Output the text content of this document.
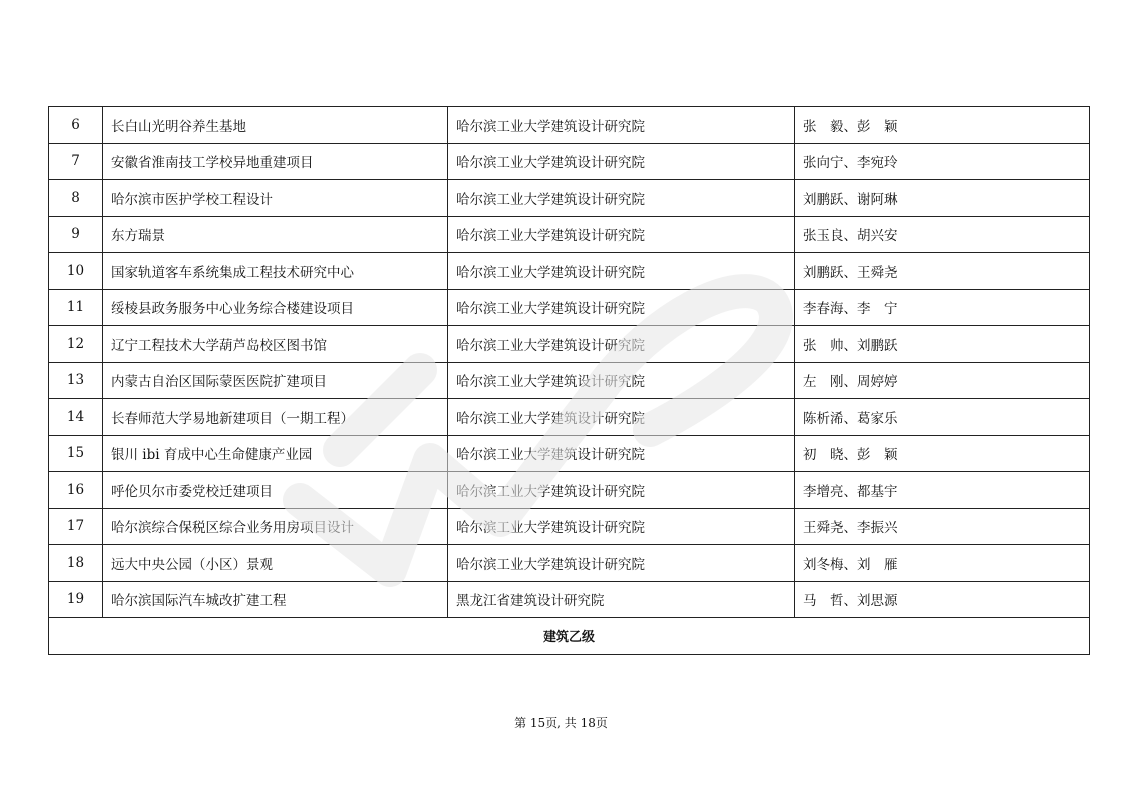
6	长白山光明谷养生基地	哈尔滨工业大学建筑设计研究院	张　毅、彭　颖
7	安徽省淮南技工学校异地重建项目	哈尔滨工业大学建筑设计研究院	张向宁、李宛玲
8	哈尔滨市医护学校工程设计	哈尔滨工业大学建筑设计研究院	刘鹏跃、谢阿琳
9	东方瑞景	哈尔滨工业大学建筑设计研究院	张玉良、胡兴安
10	国家轨道客车系统集成工程技术研究中心	哈尔滨工业大学建筑设计研究院	刘鹏跃、王舜尧
11	绥棱县政务服务中心业务综合楼建设项目	哈尔滨工业大学建筑设计研究院	李春海、李　宁
12	辽宁工程技术大学葫芦岛校区图书馆	哈尔滨工业大学建筑设计研究院	张　帅、刘鹏跃
13	内蒙古自治区国际蒙医医院扩建项目	哈尔滨工业大学建筑设计研究院	左　刚、周婷婷
14	长春师范大学易地新建项目（一期工程）	哈尔滨工业大学建筑设计研究院	陈析浠、葛家乐
15	银川 ibi 育成中心生命健康产业园	哈尔滨工业大学建筑设计研究院	初　晓、彭　颖
16	呼伦贝尔市委党校迁建项目	哈尔滨工业大学建筑设计研究院	李增亮、都基宇
17	哈尔滨综合保税区综合业务用房项目设计	哈尔滨工业大学建筑设计研究院	王舜尧、李振兴
18	远大中央公园（小区）景观	哈尔滨工业大学建筑设计研究院	刘冬梅、刘　雁
19	哈尔滨国际汽车城改扩建工程	黑龙江省建筑设计研究院	马　哲、刘思源
建筑乙级			
第 15页, 共 18页
